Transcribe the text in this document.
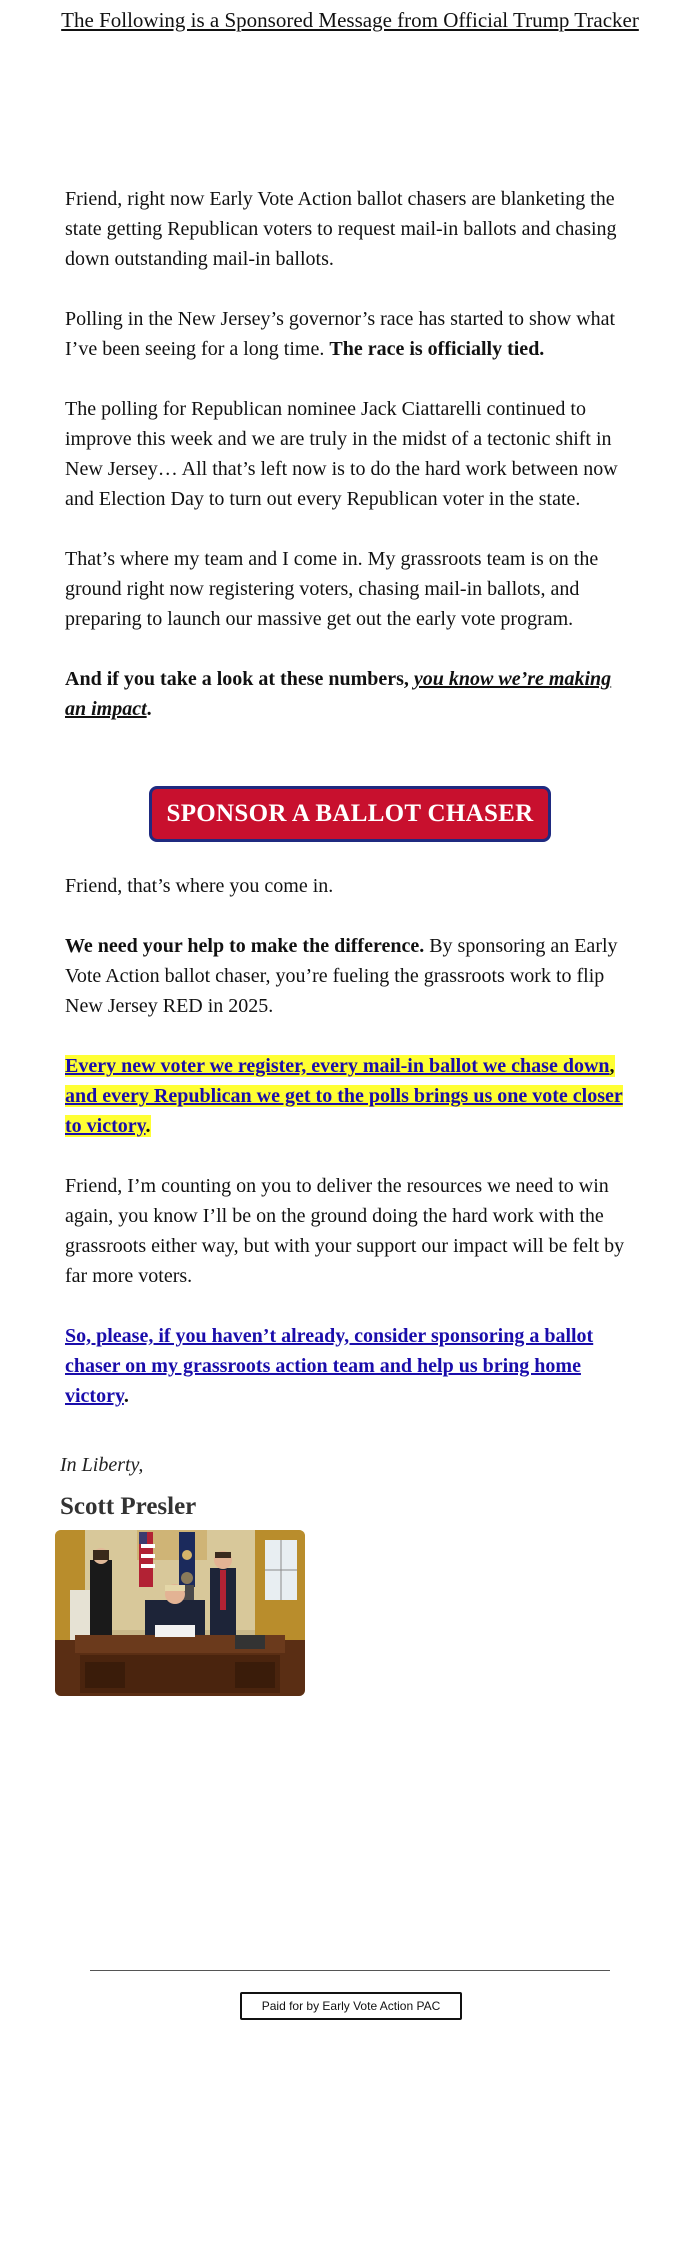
The Following is a Sponsored Message from Official Trump Tracker

Friend, right now Early Vote Action ballot chasers are blanketing the state getting Republican voters to request mail-in ballots and chasing down outstanding mail-in ballots.

Polling in the New Jersey’s governor’s race has started to show what I’ve been seeing for a long time. The race is officially tied.

The polling for Republican nominee Jack Ciattarelli continued to improve this week and we are truly in the midst of a tectonic shift in New Jersey… All that’s left now is to do the hard work between now and Election Day to turn out every Republican voter in the state.

That’s where my team and I come in. My grassroots team is on the ground right now registering voters, chasing mail-in ballots, and preparing to launch our massive get out the early vote program.

And if you take a look at these numbers, you know we’re making an impact.

SPONSOR A BALLOT CHASER

Friend, that’s where you come in.

We need your help to make the difference. By sponsoring an Early Vote Action ballot chaser, you’re fueling the grassroots work to flip New Jersey RED in 2025.

Every new voter we register, every mail-in ballot we chase down, and every Republican we get to the polls brings us one vote closer to victory.

Friend, I’m counting on you to deliver the resources we need to win again, you know I’ll be on the ground doing the hard work with the grassroots either way, but with your support our impact will be felt by far more voters.

So, please, if you haven’t already, consider sponsoring a ballot chaser on my grassroots action team and help us bring home victory.

In Liberty,
Scott Presler
Paid for by Early Vote Action PAC
